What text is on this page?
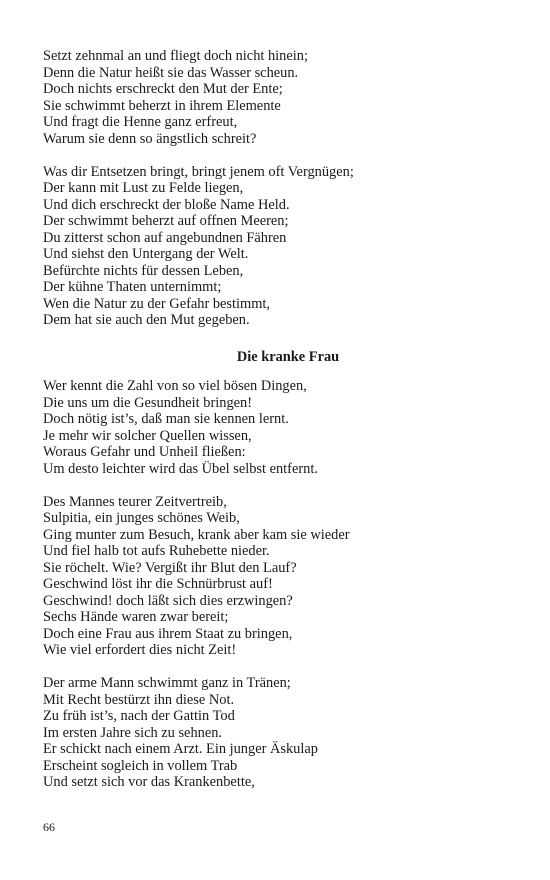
Setzt zehnmal an und fliegt doch nicht hinein;
Denn die Natur heißt sie das Wasser scheun.
Doch nichts erschreckt den Mut der Ente;
Sie schwimmt beherzt in ihrem Elemente
Und fragt die Henne ganz erfreut,
Warum sie denn so ängstlich schreit?
Was dir Entsetzen bringt, bringt jenem oft Vergnügen;
Der kann mit Lust zu Felde liegen,
Und dich erschreckt der bloße Name Held.
Der schwimmt beherzt auf offnen Meeren;
Du zitterst schon auf angebundnen Fähren
Und siehst den Untergang der Welt.
Befürchte nichts für dessen Leben,
Der kühne Thaten unternimmt;
Wen die Natur zu der Gefahr bestimmt,
Dem hat sie auch den Mut gegeben.
Die kranke Frau
Wer kennt die Zahl von so viel bösen Dingen,
Die uns um die Gesundheit bringen!
Doch nötig ist’s, daß man sie kennen lernt.
Je mehr wir solcher Quellen wissen,
Woraus Gefahr und Unheil fließen:
Um desto leichter wird das Übel selbst entfernt.
Des Mannes teurer Zeitvertreib,
Sulpitia, ein junges schönes Weib,
Ging munter zum Besuch, krank aber kam sie wieder
Und fiel halb tot aufs Ruhebette nieder.
Sie röchelt. Wie? Vergißt ihr Blut den Lauf?
Geschwind löst ihr die Schnürbrust auf!
Geschwind! doch läßt sich dies erzwingen?
Sechs Hände waren zwar bereit;
Doch eine Frau aus ihrem Staat zu bringen,
Wie viel erfordert dies nicht Zeit!
Der arme Mann schwimmt ganz in Tränen;
Mit Recht bestürzt ihn diese Not.
Zu früh ist’s, nach der Gattin Tod
Im ersten Jahre sich zu sehnen.
Er schickt nach einem Arzt. Ein junger Äskulap
Erscheint sogleich in vollem Trab
Und setzt sich vor das Krankenbette,
66
